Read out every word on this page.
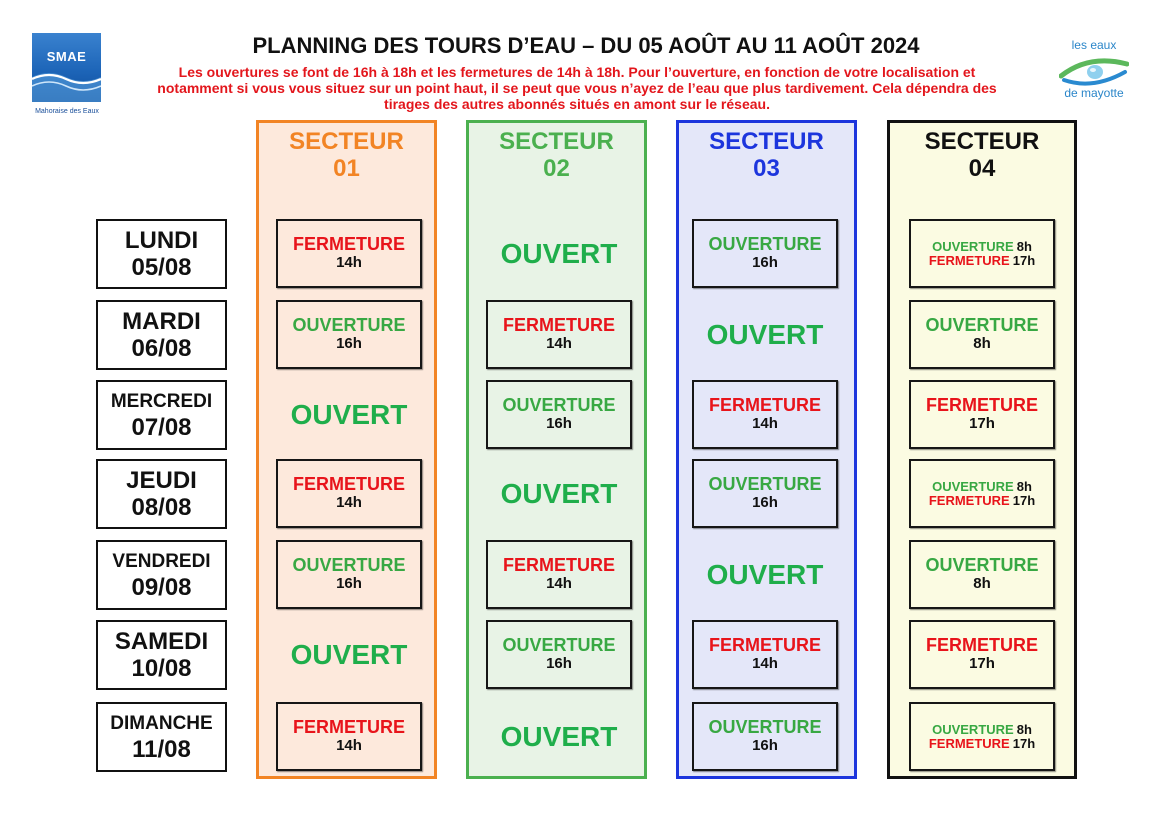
SMAE
Mahoraise des Eaux
les eaux
de mayotte
PLANNING DES TOURS D’EAU – DU 05 AOÛT AU 11 AOÛT 2024
Les ouvertures se font de 16h à 18h et les fermetures de 14h à 18h. Pour l’ouverture, en fonction de votre localisation et
notamment si vous vous situez sur un point haut, il se peut que vous n’ayez de l’eau que plus tardivement. Cela dépendra des
tirages des autres abonnés situés en amont sur le réseau.
SECTEUR
01
SECTEUR
02
SECTEUR
03
SECTEUR
04
LUNDI
05/08
MARDI
06/08
MERCREDI
07/08
JEUDI
08/08
VENDREDI
09/08
SAMEDI
10/08
DIMANCHE
11/08
FERMETURE
14h
OUVERTURE
16h
OUVERT
FERMETURE
14h
OUVERTURE
16h
OUVERT
FERMETURE
14h
OUVERT
FERMETURE
14h
OUVERTURE
16h
OUVERT
FERMETURE
14h
OUVERTURE
16h
OUVERT
OUVERTURE
16h
OUVERT
FERMETURE
14h
OUVERTURE
16h
OUVERT
FERMETURE
14h
OUVERTURE
16h
OUVERTURE 8h
FERMETURE 17h
OUVERTURE
8h
FERMETURE
17h
OUVERTURE 8h
FERMETURE 17h
OUVERTURE
8h
FERMETURE
17h
OUVERTURE 8h
FERMETURE 17h
